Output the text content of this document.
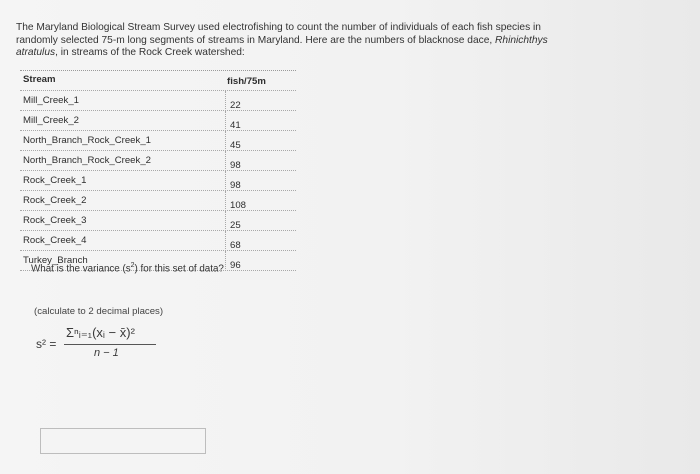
The Maryland Biological Stream Survey used electrofishing to count the number of individuals of each fish species in
randomly selected 75-m long segments of streams in Maryland. Here are the numbers of blacknose dace, Rhinichthys
atratulus, in streams of the Rock Creek watershed:
Stream	fish/75m
Mill_Creek_1	22
Mill_Creek_2	41
North_Branch_Rock_Creek_1	45
North_Branch_Rock_Creek_2	98
Rock_Creek_1	98
Rock_Creek_2	108
Rock_Creek_3	25
Rock_Creek_4	68
Turkey_Branch	96
What is the variance $(s^2)$ for this set of data?
(calculate to 2 decimal places)
s² =
Σⁿᵢ₌₁(xᵢ − x̄)²
n − 1
